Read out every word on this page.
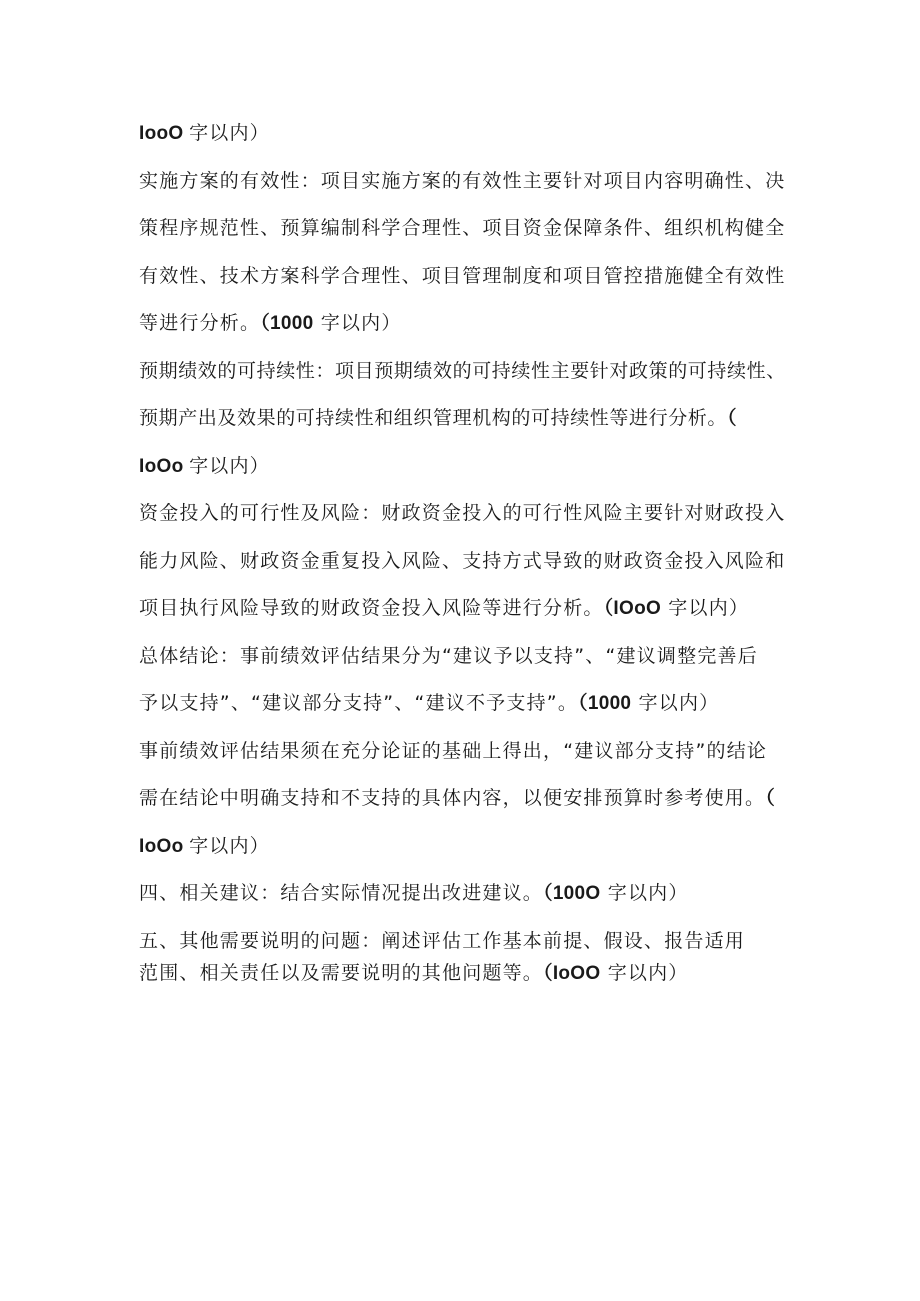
IooO 字以内）
实施方案的有效性：项目实施方案的有效性主要针对项目内容明确性、决
策程序规范性、预算编制科学合理性、项目资金保障条件、组织机构健全
有效性、技术方案科学合理性、项目管理制度和项目管控措施健全有效性
等进行分析。（1000 字以内）
预期绩效的可持续性：项目预期绩效的可持续性主要针对政策的可持续性、
预期产出及效果的可持续性和组织管理机构的可持续性等进行分析。（
IoOo 字以内）
资金投入的可行性及风险：财政资金投入的可行性风险主要针对财政投入
能力风险、财政资金重复投入风险、支持方式导致的财政资金投入风险和
项目执行风险导致的财政资金投入风险等进行分析。（IOoO 字以内）
总体结论：事前绩效评估结果分为“建议予以支持”、“建议调整完善后
予以支持”、“建议部分支持”、“建议不予支持”。（1000 字以内）
事前绩效评估结果须在充分论证的基础上得出，“建议部分支持”的结论
需在结论中明确支持和不支持的具体内容，以便安排预算时参考使用。（
IoOo 字以内）
四、相关建议：结合实际情况提出改进建议。（100O 字以内）
五、其他需要说明的问题：阐述评估工作基本前提、假设、报告适用
范围、相关责任以及需要说明的其他问题等。（IoOO 字以内）
